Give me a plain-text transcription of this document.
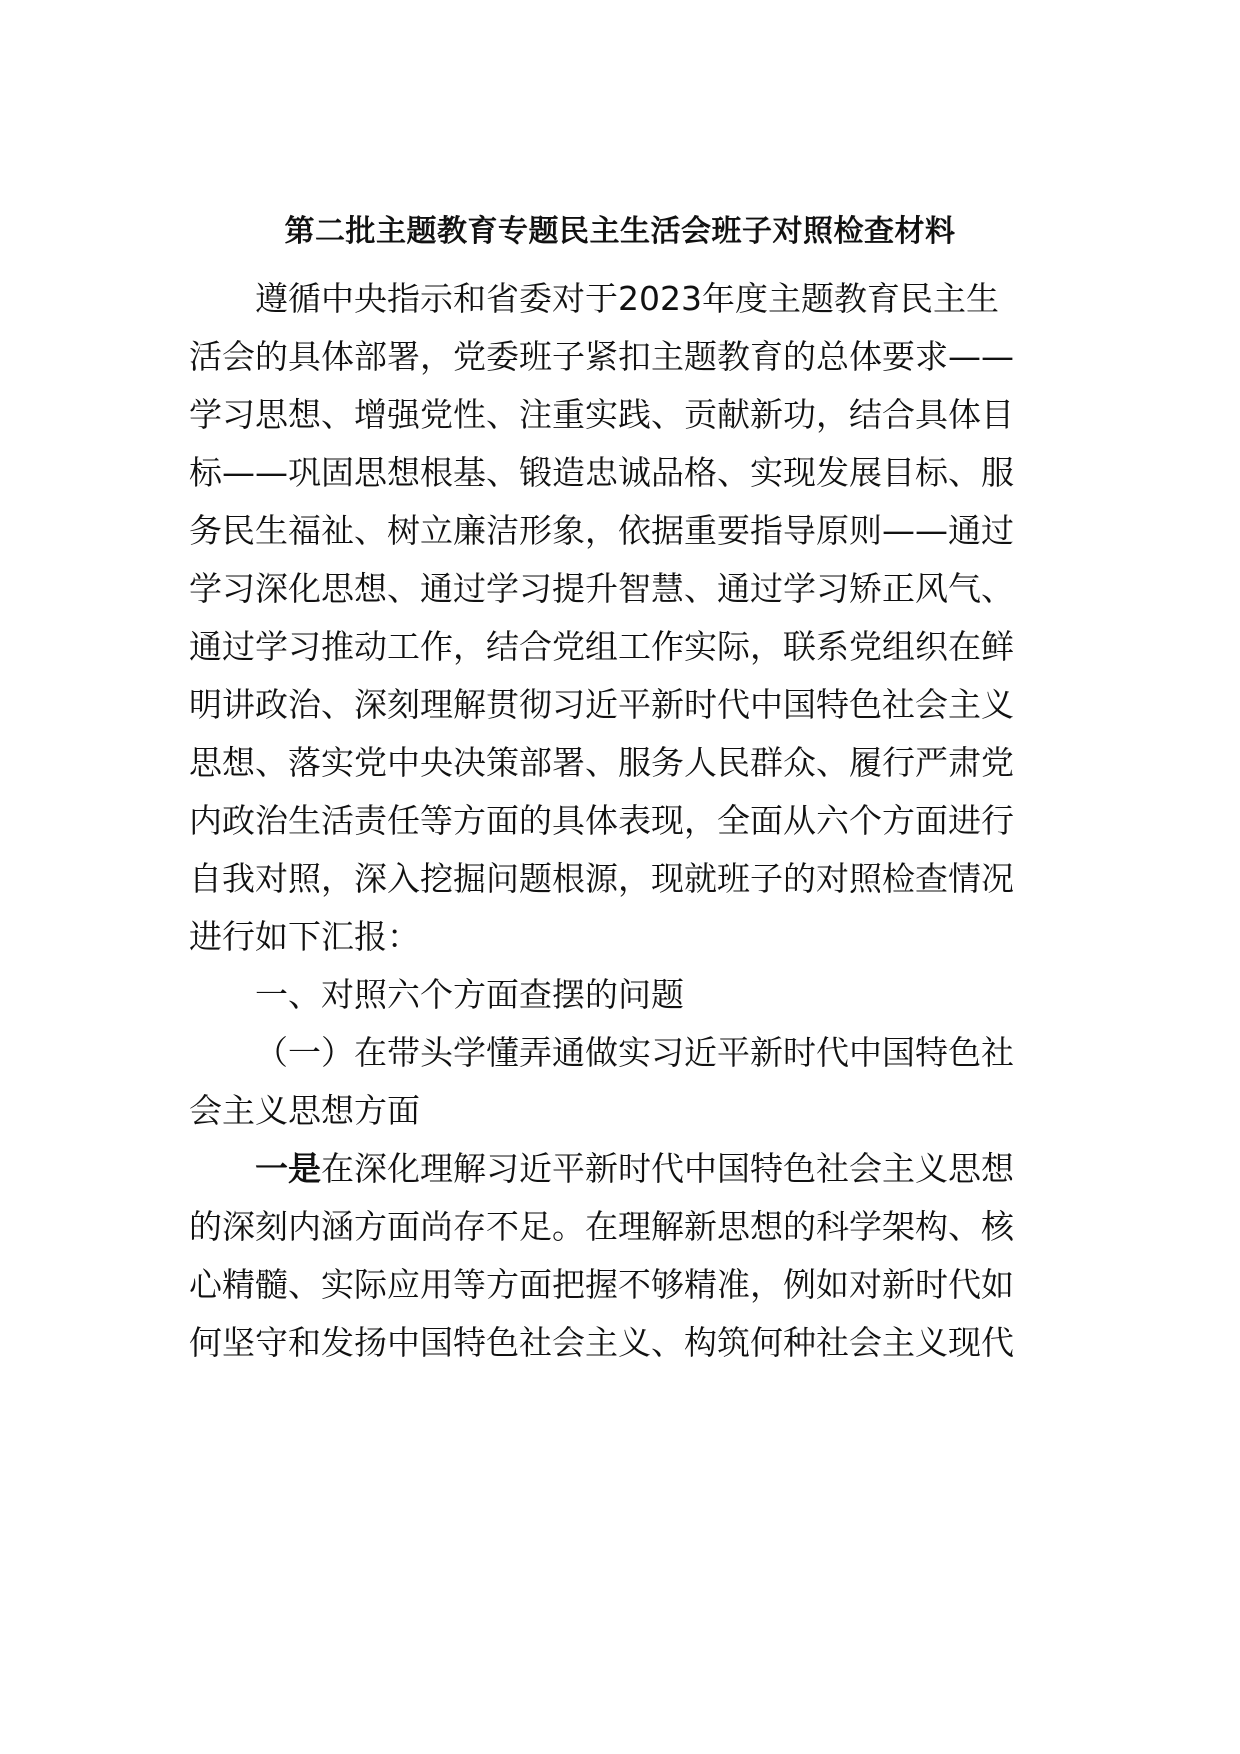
第二批主题教育专题民主生活会班子对照检查材料
遵循中央指示和省委对于2023年度主题教育民主生
活会的具体部署，党委班子紧扣主题教育的总体要求——
学习思想、增强党性、注重实践、贡献新功，结合具体目
标——巩固思想根基、锻造忠诚品格、实现发展目标、服
务民生福祉、树立廉洁形象，依据重要指导原则——通过
学习深化思想、通过学习提升智慧、通过学习矫正风气、
通过学习推动工作，结合党组工作实际，联系党组织在鲜
明讲政治、深刻理解贯彻习近平新时代中国特色社会主义
思想、落实党中央决策部署、服务人民群众、履行严肃党
内政治生活责任等方面的具体表现，全面从六个方面进行
自我对照，深入挖掘问题根源，现就班子的对照检查情况
进行如下汇报：
一、对照六个方面查摆的问题
（一）在带头学懂弄通做实习近平新时代中国特色社
会主义思想方面
一是在深化理解习近平新时代中国特色社会主义思想
的深刻内涵方面尚存不足。在理解新思想的科学架构、核
心精髓、实际应用等方面把握不够精准，例如对新时代如
何坚守和发扬中国特色社会主义、构筑何种社会主义现代
